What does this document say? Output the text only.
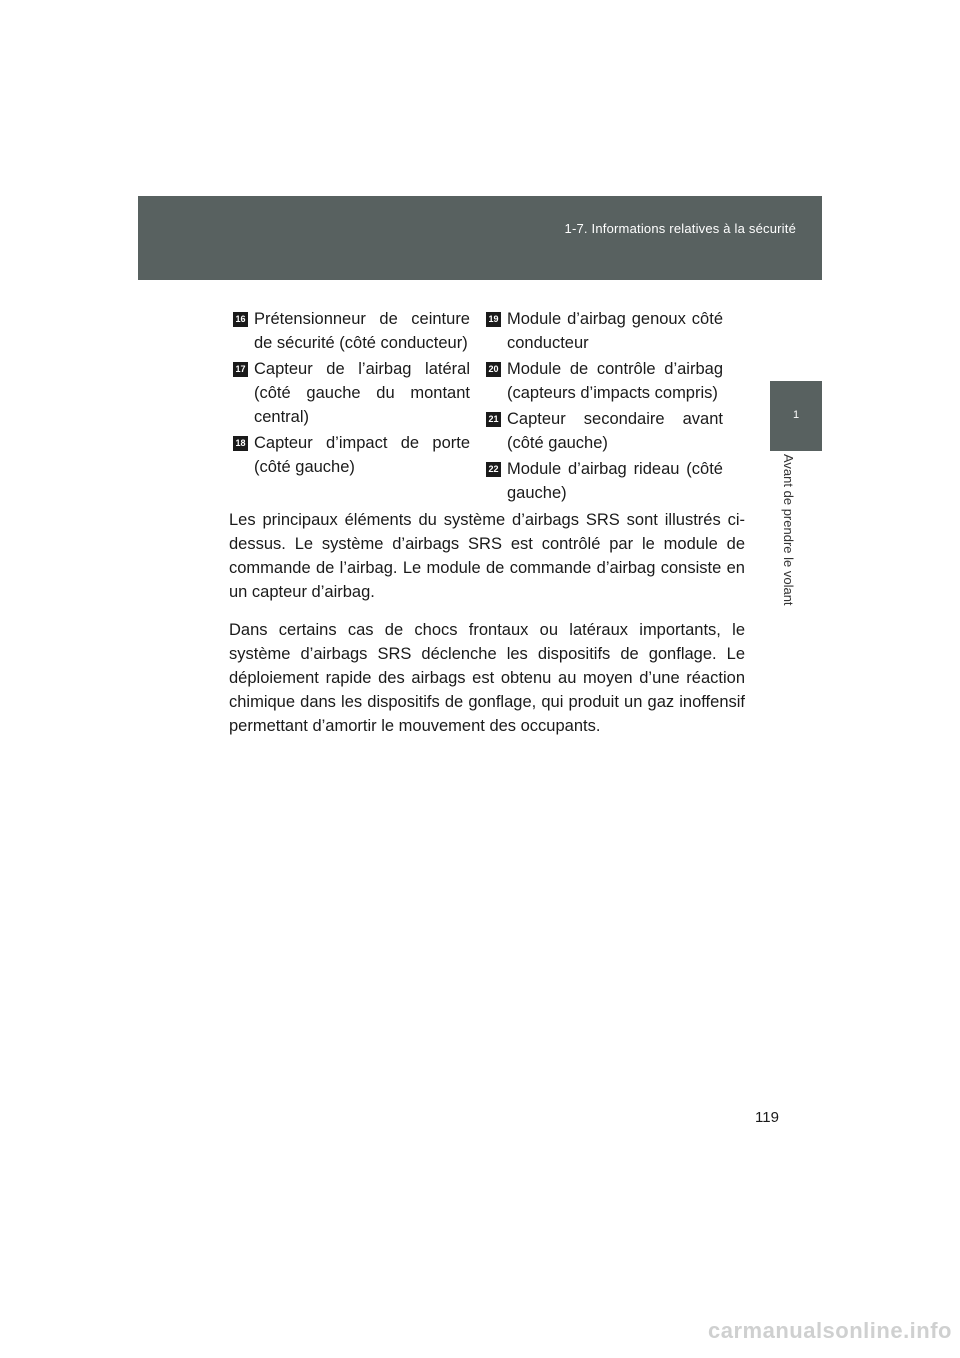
1-7. Informations relatives à la sécurité
1
Avant de prendre le volant
16 Prétensionneur de ceinture de sécurité (côté conducteur)
17 Capteur de l’airbag latéral (côté gauche du montant central)
18 Capteur d’impact de porte (côté gauche)
19 Module d’airbag genoux côté conducteur
20 Module de contrôle d’airbag (capteurs d’impacts compris)
21 Capteur secondaire avant (côté gauche)
22 Module d’airbag rideau (côté gauche)

Les principaux éléments du système d’airbags SRS sont illustrés ci-dessus. Le système d’airbags SRS est contrôlé par le module de commande de l’airbag. Le module de commande d’airbag consiste en un capteur d’airbag.

Dans certains cas de chocs frontaux ou latéraux importants, le système d’airbags SRS déclenche les dispositifs de gonflage. Le déploiement rapide des airbags est obtenu au moyen d’une réaction chimique dans les dispositifs de gonflage, qui produit un gaz inoffensif permettant d’amortir le mouvement des occupants.

119
carmanualsonline.info
